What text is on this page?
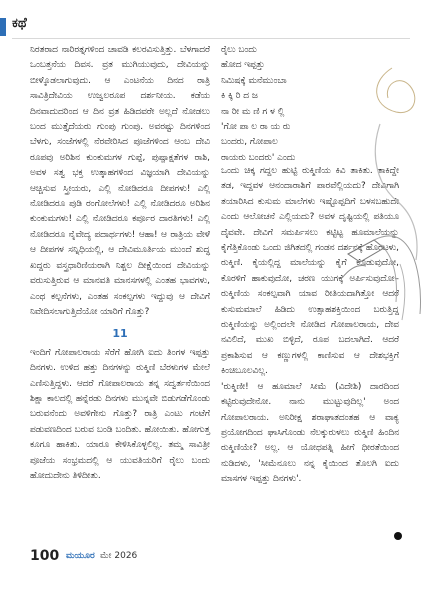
ಕಥೆ

ನಿರತರಾದ ನಾರಿರತ್ನಗಳಿಂದ ಚಾವಡಿ ಕಲರವಿಸುತ್ತಿತ್ತು. ಬೆಳಗಾದರೆ ಒಂಬತ್ತನೆಯ ದಿವಸ. ವ್ರತ ಮುಗಿಯುವುದು, ದೇವಿಯನ್ನು ಬೀಳ್ಕೊಡಲಾಗುವುದು. ಆ ಎಂಟನೆಯ ದಿನದ ರಾತ್ರಿ ಸಾವಿತ್ರಿದೇವಿಯ ಉಜ್ವಲರೂಪ ದರ್ಶನೀಯ. ಕಡೆಯ ದಿನವಾದುದರಿಂದ ಆ ದಿನ ವ್ರತ ಹಿಡಿದವರೇ ಅಲ್ಲದೆ ನೋಡಲು ಬಂದ ಮುತ್ತೈದೆಯರು ಗುಂಪು ಗುಂಪು. ಅವರಷ್ಟು ದಿನಗಳಿಂದ ಬೆಳಗು, ಸಂಜೆಗಳಲ್ಲಿ ನೆರವೇರಿಸಿದ ಪೂಜೆಗಳಿಂದ ಆಂಬ ದೇವಿ ರೂಪವು ಅರಿಶಿನ ಕುಂಕುಮಗಳ ಗುಪ್ಪೆ, ಪುಷ್ಪಾಕ್ಷತೆಗಳ ರಾಶಿ, ಅವಳ ಸತ್ವ ಭಕ್ತ ಉತ್ಕಾಹಗಳಿಂದ ವಿಜ್ಞಯಾಗಿ ದೇವಿಯನ್ನು ಆಚ್ಚಿಸುವ ಸ್ತ್ರೀಯರು, ಎಲ್ಲಿ ನೋಡಿದರೂ ದೀಪಗಳು! ಎಲ್ಲಿ ನೋಡಿದರೂ ಪುಡಿ ರಂಗೋಲೆಗಳು! ಎಲ್ಲಿ ನೋಡಿದರೂ ಅರಿಶಿನ ಕುಂಕುಮಗಳು! ಎಲ್ಲಿ ನೋಡಿದರೂ ಕರ್ಪೂರ ದಾರತಿಗಳು! ಎಲ್ಲಿ ನೋಡಿದರೂ ನೈವೇದ್ಯ ಪದಾರ್ಥಗಳು! ಆಹಾ! ಆ ರಾತ್ರಿಯ ವೇಳೆ ಆ ದೀಪಗಳ ಸನ್ನಿಧಿಯಲ್ಲಿ, ಆ ದೇವಿಮೂರ್ತಿಯ ಮುಂದೆ ಶುದ್ಧ ಖದ್ದರು ವಸ್ತ್ರಧಾರಿಣಿಯರಾಗಿ ನಿಶ್ಚಲ ದೀಕ್ಷೆಯಿಂದ ದೇವಿಯನ್ನು ವರುಸುತ್ತಿರುವ ಆ ಮಾನವತಿ ಮಾನಸಗಳಲ್ಲಿ ಎಂತಹ ಭಾವಗಳು, ಎಂಥ ಕಲ್ಪನೆಗಳು, ಎಂತಹ ಸಂಕಲ್ಪಗಳು ಇದ್ದುವು ಆ ದೇವಿಗೆ ನಿವೇದಿಸಲಾಗುತ್ತಿದೆಯೋ ಯಾರಿಗೆ ಗೊತ್ತು?

11

ಇಂದಿಗೆ ಗೋಪಾಲರಾಯ ಸೆರೆಗೆ ಹೋಗಿ ಐದು ತಿಂಗಳ ಇಪ್ಪತ್ತು ದಿನಗಳು. ಉಳಿದ ಹತ್ತು ದಿನಗಳನ್ನು ರುಕ್ಮಿಣಿ ಬೆರಳುಗಳ ಮೇಲೆ ಎಣಿಸುತ್ತಿದ್ದಳು. ಆದರೆ ಗೋಪಾಲರಾಯ ತನ್ನ ಸದ್ವರ್ತನೆಯಿಂದ ಶಿಕ್ಷಾ ಕಾಲದಲ್ಲಿ ಹನ್ನೆರಡು ದಿನಗಳು ಮುನ್ನವೇ ಬಿಡುಗಡೆಗೊಂಡು ಬರುವನೆಂದು ಅವಳಿಗೇನು ಗೊತ್ತು? ರಾತ್ರಿ ಎಂಟು ಗಂಟೆಗೆ ಪಡುವಣದಿಂದ ಬರುವ ಬಂಡಿ ಬಂದಿತು. ಹೋಯಿತು. ಹೋಗುತ್ತ ಕೂಗೂ ಹಾಕಿತು. ಯಾರೂ ಕೇಳಿಸಿಕೊಳ್ಳಲಿಲ್ಲ. ತಮ್ಮ ಸಾವಿತ್ರೀ ಪೂಜೆಯ ಸಂಭ್ರಮದಲ್ಲಿ ಆ ಯುವತಿಯರಿಗೆ ರೈಲು ಬಂದು ಹೋದುದೇನು ತಿಳಿದೀತು.

ರೈಲು ಬಂದು
ಹೋದ ಇಪ್ಪತ್ತು
ನಿಮಿಷಕ್ಕೆ ಮನೆಮುಂಬಾ
ಕಿ ಕ್ಕಿ ರಿ ದ ಜ
ನಾ ರೀ ಮ ಣಿ ಗ ಳ ಲ್ಲಿ
'ಗೋ ಪಾ ಲ ರಾ ಯ ರು
ಬಂದರು, ಗೋಪಾಲ
ರಾಯರು ಬಂದರು' ಎಂದು

ಒಂದು ಚಿಕ್ಕ ಗದ್ದಲ ಹುಟ್ಟಿ ರುಕ್ಮಿಣಿಯ ಕಿವಿ ತಾಕಿತು. ತಾಕಿದ್ದೇ ತಡ, ಇದ್ದವಳ ಆನಂದಾರಾಶಿಗೆ ಪಾರವೆಲ್ಲಿಯದು? ದೇವಿಗಾಗಿ ತಯಾರಿಸಿದ ಕುಸುಮ ಮಾಲೆಗಳು ಇಷ್ಟೊಪ್ಪದಿಗೆ ಬಳಸಬಹುದೇ ಎಂದು ಆಲೋಚನೆ ಎಲ್ಲಿಯದು? ಅವಳ ದೃಷ್ಟಿಯಲ್ಲಿ ಪತಿಯೂ ದೈವವೇ. ದೇವಿಗೆ ಸಮರ್ಪಿಸಲು ಕಟ್ಟಿಟ್ಟ ಹೂಮಾಲೆಯನ್ನು ಕೈಗೆತ್ತಿಕೊಂಡು ಒಂದು ಜಿಗಿತದಲ್ಲಿ ಗಂಡನ ದರ್ಶನಕ್ಕೆ ಹೊರಟಳು, ರುಕ್ಮಿಣಿ. ಕೈಯಲ್ಲಿದ್ದ ಮಾಲೆಯನ್ನು ಕೈಗೆ ಕೊಡುವುದೋ, ಕೊರಳಿಗೆ ಹಾಕುವುದೋ, ಚರಣ ಯುಗಕ್ಕೆ ಅರ್ಪಿಸುವುದೋ–ರುಕ್ಮಿಣಿಯ ಸಂಕಲ್ಪವಾಗಿ ಯಾವ ರೀತಿಯದಾಗಿತ್ತೋ ಆದರೆ ಕುಸುಮಮಾಲೆ ಹಿಡಿದು ಉತ್ಸಾಹಶಕ್ತಿಯಿಂದ ಬರುತ್ತಿದ್ದ ರುಕ್ಮಿಣಿಯನ್ನು ಅಲ್ಲಿಂದಲೇ ನೋಡಿದ ಗೋಪಾಲರಾಯ, ದೇವ ನವಿಲಿದೆ, ಮುಖ ಬಿಳ್ಳಿದೆ, ರೂಪ ಬದಲಾಗಿದೆ. ಆದರೆ ಪ್ರಕಾಶಿಸುವ ಆ ಕಣ್ಣುಗಳಲ್ಲಿ ಕಾಣಿಸುವ ಆ ದೇಶಭಕ್ತಿಗೆ ಕಿಂಚಿಬೂಲವಿಲ್ಲ.

'ರುಕ್ಮಿಣೀ! ಆ ಹೂಮಾಲೆ ಸೀಮೆ (ವಿದೇಶಿ) ದಾರದಿಂದ ಕಟ್ಟಿರುವುದೇನೋ. ನಾನು ಮುಟ್ಟುವುದಿಲ್ಲ' ಅಂದ ಗೋಪಾಲರಾಯ. ಅನಿರೀಕ್ಷ ಶರಾಘಾತದಂತಹ ಆ ವಾಕ್ಯ ಪ್ರಯೋಗದಿಂದ ಘಾಸಿಗೊಂಡು ನೆಲಕ್ಕುರುಳಲು ರುಕ್ಮಿಣಿ ಹಿಂದಿನ ರುಕ್ಮಿಣಿಯೇ? ಅಲ್ಲ. ಆ ಯೋಧಪತ್ನಿ ಹೀಗೆ ಧೀರತೆಯಿಂದ ನುಡಿದಳು, 'ಸೀಮೆನೂಲು ನನ್ನ ಕೈಯಿಂದ ತೊಲಗಿ ಐದು ಮಾಸಗಳ ಇಪ್ಪತ್ತು ದಿನಗಳು'.

100 ಮಯೂರ ಮೇ 2026
